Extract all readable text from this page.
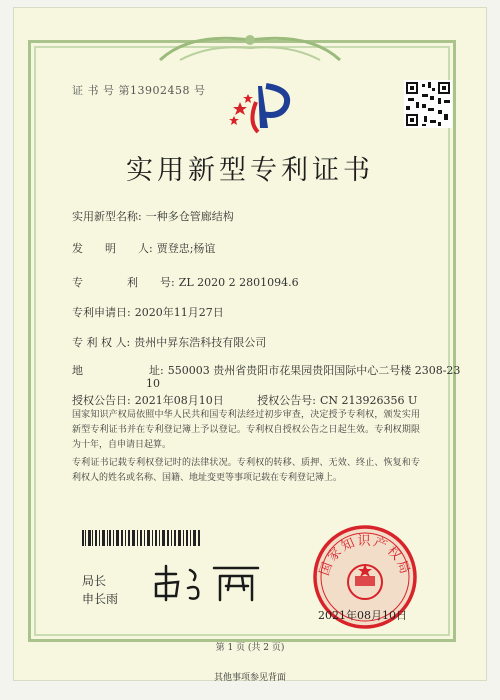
证 书 号 第13902458 号
实用新型专利证书
实用新型名称: 一种多仓管廊结构
发　　明　　人: 贾登忠;杨谊
专　　　　利　　号: ZL 2020 2 2801094.6
专利申请日: 2020年11月27日
专 利 权 人: 贵州中昇东浩科技有限公司
地　　　　　　址: 550003 贵州省贵阳市花果园贵阳国际中心二号楼 2308-23
10
授权公告日: 2021年08月10日	授权公告号: CN 213926356 U
国家知识产权局依照中华人民共和国专利法经过初步审查，决定授予专利权，颁发实用新型专利证书并在专利登记簿上予以登记。专利权自授权公告之日起生效。专利权期限为十年，自申请日起算。
专利证书记载专利权登记时的法律状况。专利权的转移、质押、无效、终止、恢复和专利权人的姓名或名称、国籍、地址变更等事项记载在专利登记簿上。
局长
申长雨
国家知识产权局
2021年08月10日
第 1 页 (共 2 页)
其他事项参见背面
